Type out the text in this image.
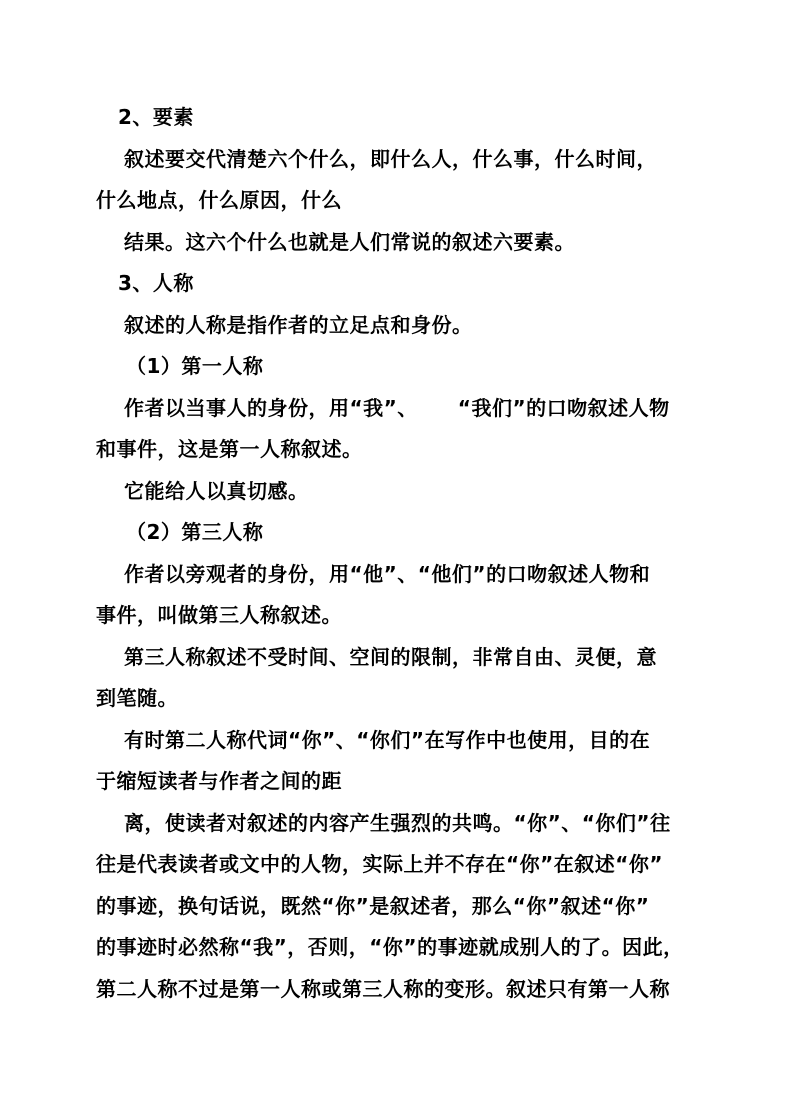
2、要素
叙述要交代清楚六个什么，即什么人，什么事，什么时间，
什么地点，什么原因，什么
结果。这六个什么也就是人们常说的叙述六要素。
3、人称
叙述的人称是指作者的立足点和身份。
（1）第一人称
作者以当事人的身份，用“我”、 “我们”的口吻叙述人物
和事件，这是第一人称叙述。
它能给人以真切感。
（2）第三人称
作者以旁观者的身份，用“他”、“他们”的口吻叙述人物和
事件，叫做第三人称叙述。
第三人称叙述不受时间、空间的限制，非常自由、灵便，意
到笔随。
有时第二人称代词“你”、“你们”在写作中也使用，目的在
于缩短读者与作者之间的距
离，使读者对叙述的内容产生强烈的共鸣。“你”、“你们”往
往是代表读者或文中的人物，实际上并不存在“你”在叙述“你”
的事迹，换句话说，既然“你”是叙述者，那么“你”叙述“你”
的事迹时必然称“我”，否则，“你”的事迹就成别人的了。因此，
第二人称不过是第一人称或第三人称的变形。叙述只有第一人称
